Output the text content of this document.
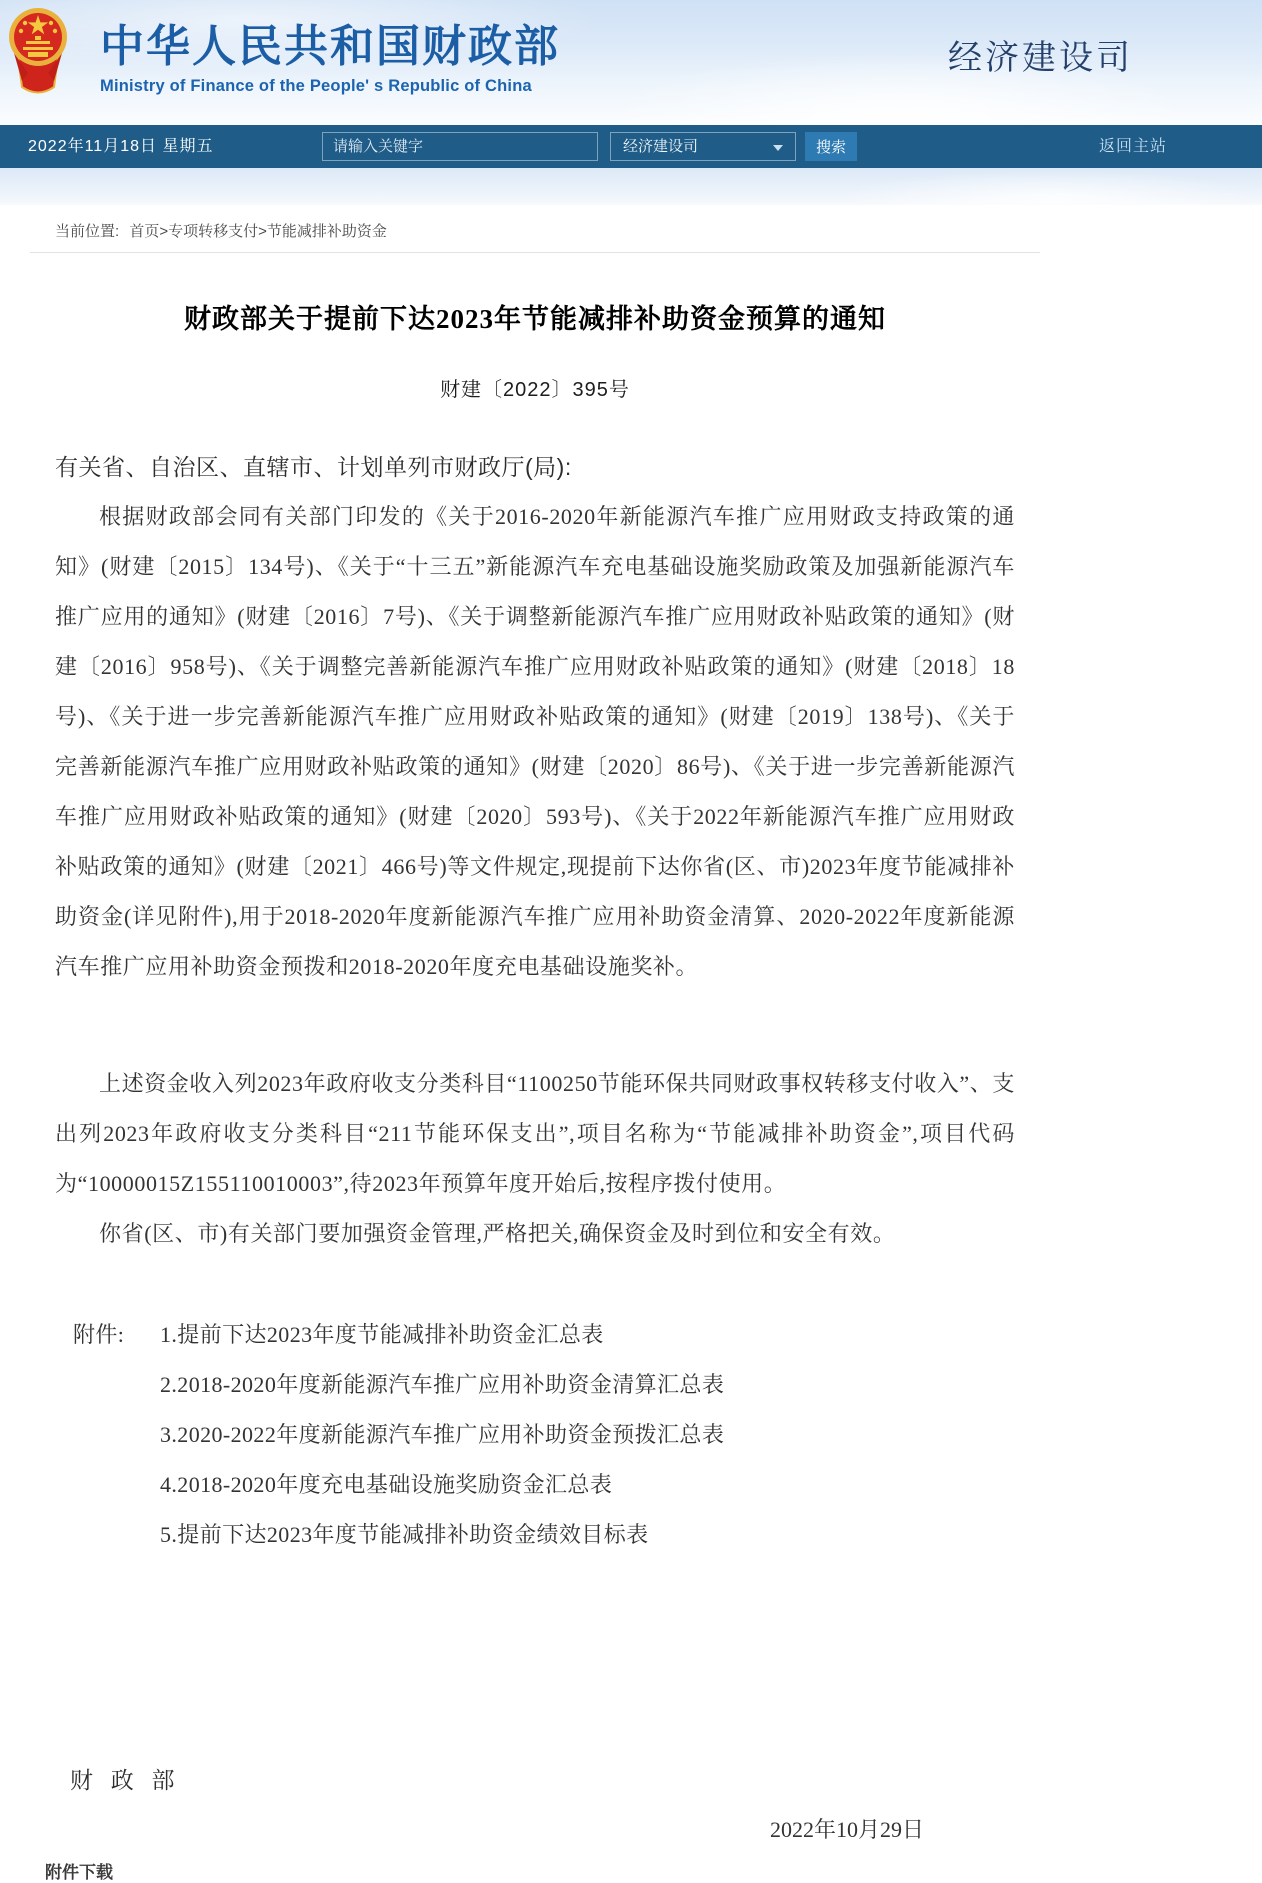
中华人民共和国财政部
Ministry of Finance of the People' s Republic of China
经济建设司
2022年11月18日 星期五
请输入关键字	经济建设司	搜索	返回主站
当前位置: 首页>专项转移支付>节能减排补助资金
财政部关于提前下达2023年节能减排补助资金预算的通知
财建〔2022〕395号
有关省、自治区、直辖市、计划单列市财政厅(局):
根据财政部会同有关部门印发的《关于2016-2020年新能源汽车推广应用财政支持政策的通知》(财建〔2015〕134号)、《关于“十三五”新能源汽车充电基础设施奖励政策及加强新能源汽车推广应用的通知》(财建〔2016〕7号)、《关于调整新能源汽车推广应用财政补贴政策的通知》(财建〔2016〕958号)、《关于调整完善新能源汽车推广应用财政补贴政策的通知》(财建〔2018〕18号)、《关于进一步完善新能源汽车推广应用财政补贴政策的通知》(财建〔2019〕138号)、《关于完善新能源汽车推广应用财政补贴政策的通知》(财建〔2020〕86号)、《关于进一步完善新能源汽车推广应用财政补贴政策的通知》(财建〔2020〕593号)、《关于2022年新能源汽车推广应用财政补贴政策的通知》(财建〔2021〕466号)等文件规定,现提前下达你省(区、市)2023年度节能减排补助资金(详见附件),用于2018-2020年度新能源汽车推广应用补助资金清算、2020-2022年度新能源汽车推广应用补助资金预拨和2018-2020年度充电基础设施奖补。
上述资金收入列2023年政府收支分类科目“1100250节能环保共同财政事权转移支付收入”、支出列2023年政府收支分类科目“211节能环保支出”,项目名称为“节能减排补助资金”,项目代码为“10000015Z155110010003”,待2023年预算年度开始后,按程序拨付使用。
你省(区、市)有关部门要加强资金管理,严格把关,确保资金及时到位和安全有效。
附件:	1.提前下达2023年度节能减排补助资金汇总表
2.2018-2020年度新能源汽车推广应用补助资金清算汇总表
3.2020-2022年度新能源汽车推广应用补助资金预拨汇总表
4.2018-2020年度充电基础设施奖励资金汇总表
5.提前下达2023年度节能减排补助资金绩效目标表
财 政 部
2022年10月29日
附件下载
